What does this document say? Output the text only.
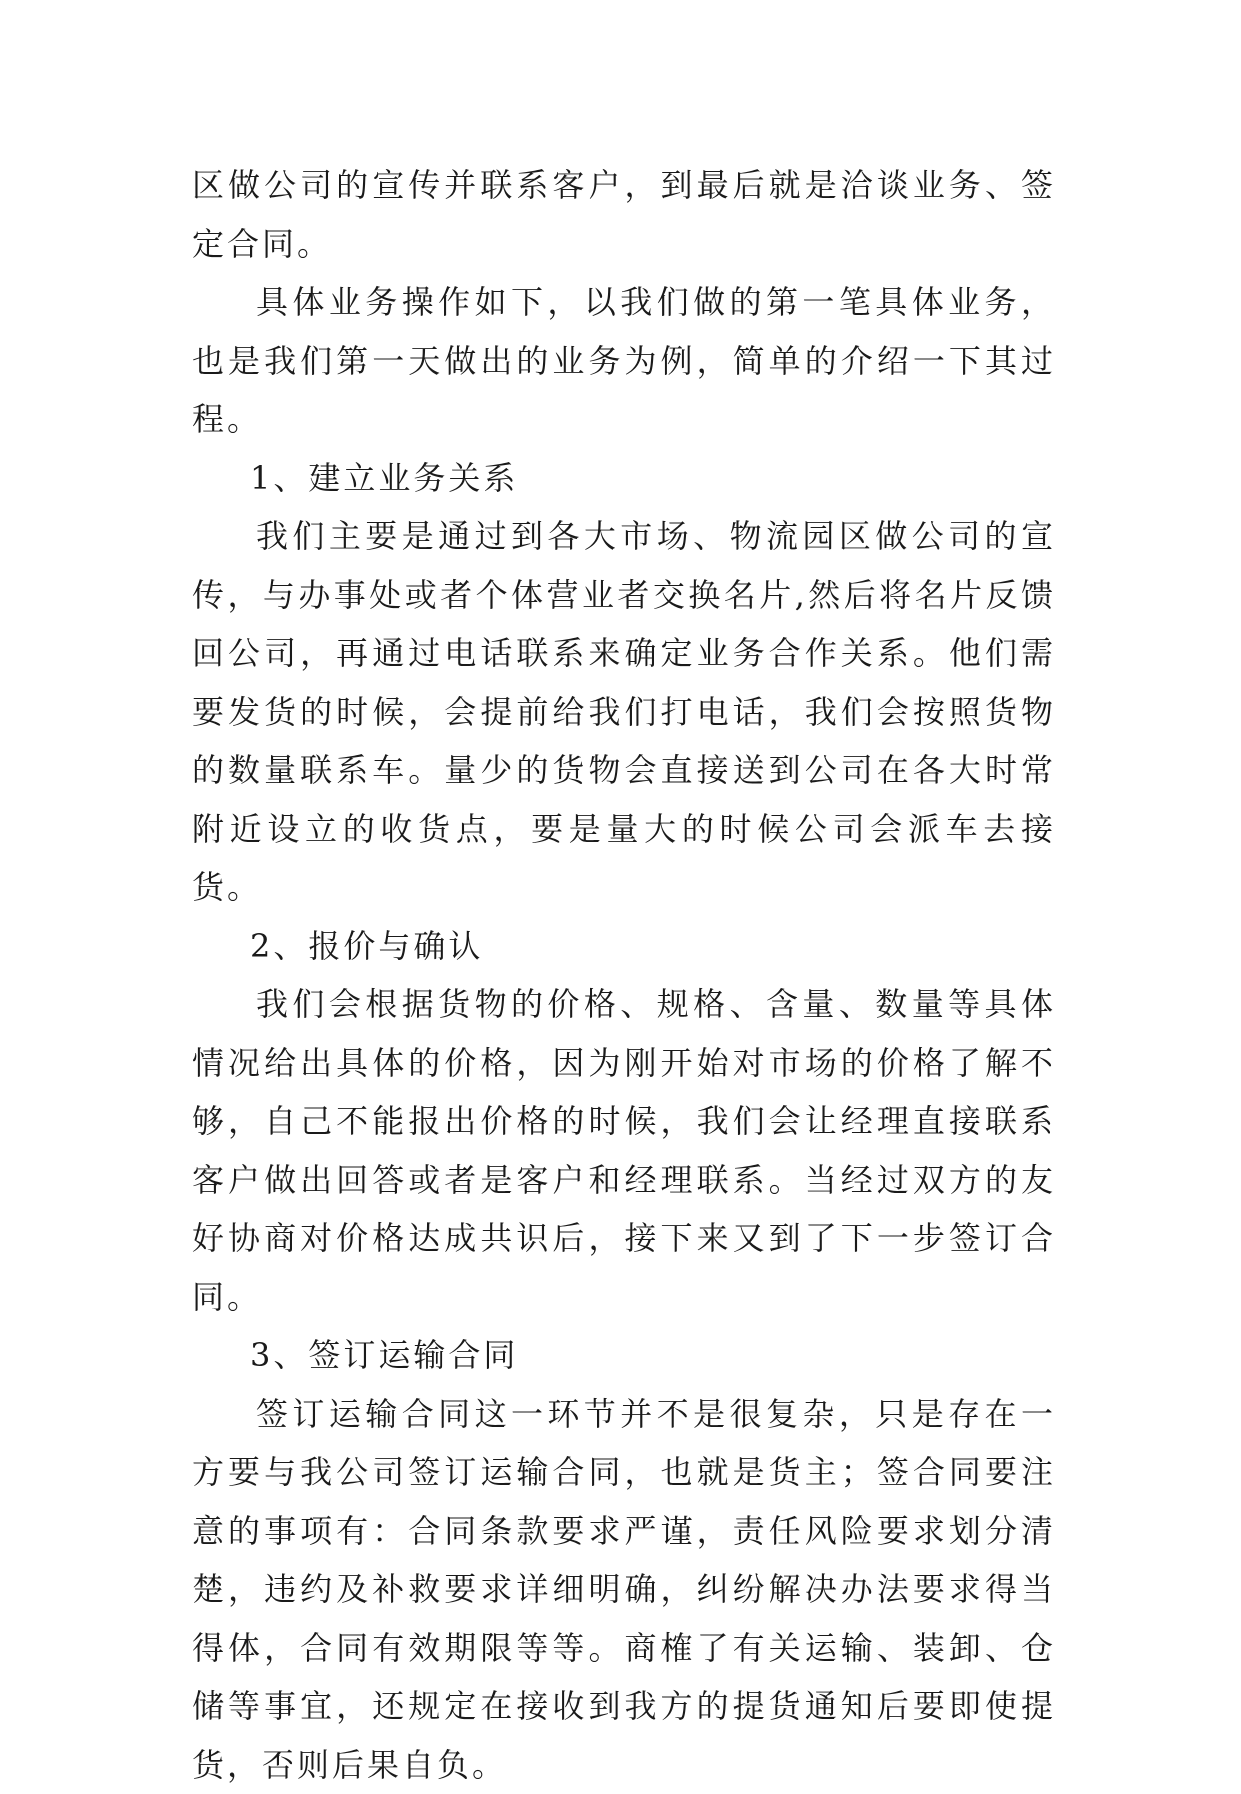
区做公司的宣传并联系客户，到最后就是洽谈业务、签定合同。

具体业务操作如下，以我们做的第一笔具体业务，也是我们第一天做出的业务为例，简单的介绍一下其过程。

1、建立业务关系

我们主要是通过到各大市场、物流园区做公司的宣传，与办事处或者个体营业者交换名片,然后将名片反馈回公司，再通过电话联系来确定业务合作关系。他们需要发货的时候，会提前给我们打电话，我们会按照货物的数量联系车。量少的货物会直接送到公司在各大时常附近设立的收货点，要是量大的时候公司会派车去接货。

2、报价与确认

我们会根据货物的价格、规格、含量、数量等具体情况给出具体的价格，因为刚开始对市场的价格了解不够，自己不能报出价格的时候，我们会让经理直接联系客户做出回答或者是客户和经理联系。当经过双方的友好协商对价格达成共识后，接下来又到了下一步签订合同。

3、签订运输合同

签订运输合同这一环节并不是很复杂，只是存在一方要与我公司签订运输合同，也就是货主；签合同要注意的事项有：合同条款要求严谨，责任风险要求划分清楚，违约及补救要求详细明确，纠纷解决办法要求得当得体，合同有效期限等等。商榷了有关运输、装卸、仓储等事宜，还规定在接收到我方的提货通知后要即使提货，否则后果自负。
